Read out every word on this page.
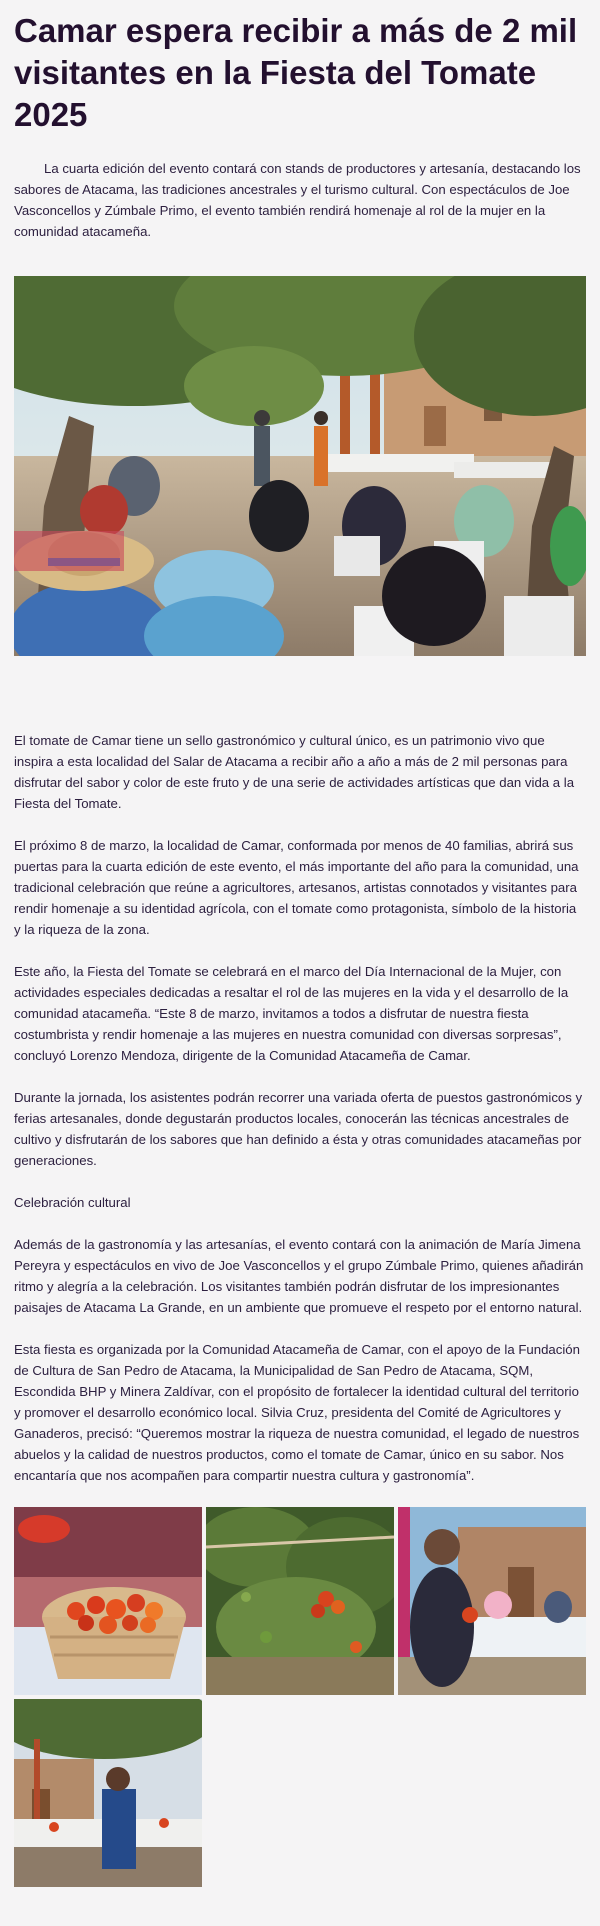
Camar espera recibir a más de 2 mil visitantes en la Fiesta del Tomate 2025

La cuarta edición del evento contará con stands de productores y artesanía, destacando los sabores de Atacama, las tradiciones ancestrales y el turismo cultural. Con espectáculos de Joe Vasconcellos y Zúmbale Primo, el evento también rendirá homenaje al rol de la mujer en la comunidad atacameña.

El tomate de Camar tiene un sello gastronómico y cultural único, es un patrimonio vivo que inspira a esta localidad del Salar de Atacama a recibir año a año a más de 2 mil personas para disfrutar del sabor y color de este fruto y de una serie de actividades artísticas que dan vida a la Fiesta del Tomate.

El próximo 8 de marzo, la localidad de Camar, conformada por menos de 40 familias, abrirá sus puertas para la cuarta edición de este evento, el más importante del año para la comunidad, una tradicional celebración que reúne a agricultores, artesanos, artistas connotados y visitantes para rendir homenaje a su identidad agrícola, con el tomate como protagonista, símbolo de la historia y la riqueza de la zona.

Este año, la Fiesta del Tomate se celebrará en el marco del Día Internacional de la Mujer, con actividades especiales dedicadas a resaltar el rol de las mujeres en la vida y el desarrollo de la comunidad atacameña. “Este 8 de marzo, invitamos a todos a disfrutar de nuestra fiesta costumbrista y rendir homenaje a las mujeres en nuestra comunidad con diversas sorpresas”, concluyó Lorenzo Mendoza, dirigente de la Comunidad Atacameña de Camar.

Durante la jornada, los asistentes podrán recorrer una variada oferta de puestos gastronómicos y ferias artesanales, donde degustarán productos locales, conocerán las técnicas ancestrales de cultivo y disfrutarán de los sabores que han definido a ésta y otras comunidades atacameñas por generaciones.

Celebración cultural

Además de la gastronomía y las artesanías, el evento contará con la animación de María Jimena Pereyra y espectáculos en vivo de Joe Vasconcellos y el grupo Zúmbale Primo, quienes añadirán ritmo y alegría a la celebración. Los visitantes también podrán disfrutar de los impresionantes paisajes de Atacama La Grande, en un ambiente que promueve el respeto por el entorno natural.

Esta fiesta es organizada por la Comunidad Atacameña de Camar, con el apoyo de la Fundación de Cultura de San Pedro de Atacama, la Municipalidad de San Pedro de Atacama, SQM, Escondida BHP y Minera Zaldívar, con el propósito de fortalecer la identidad cultural del territorio y promover el desarrollo económico local. Silvia Cruz, presidenta del Comité de Agricultores y Ganaderos, precisó: “Queremos mostrar la riqueza de nuestra comunidad, el legado de nuestros abuelos y la calidad de nuestros productos, como el tomate de Camar, único en su sabor. Nos encantaría que nos acompañen para compartir nuestra cultura y gastronomía”.
